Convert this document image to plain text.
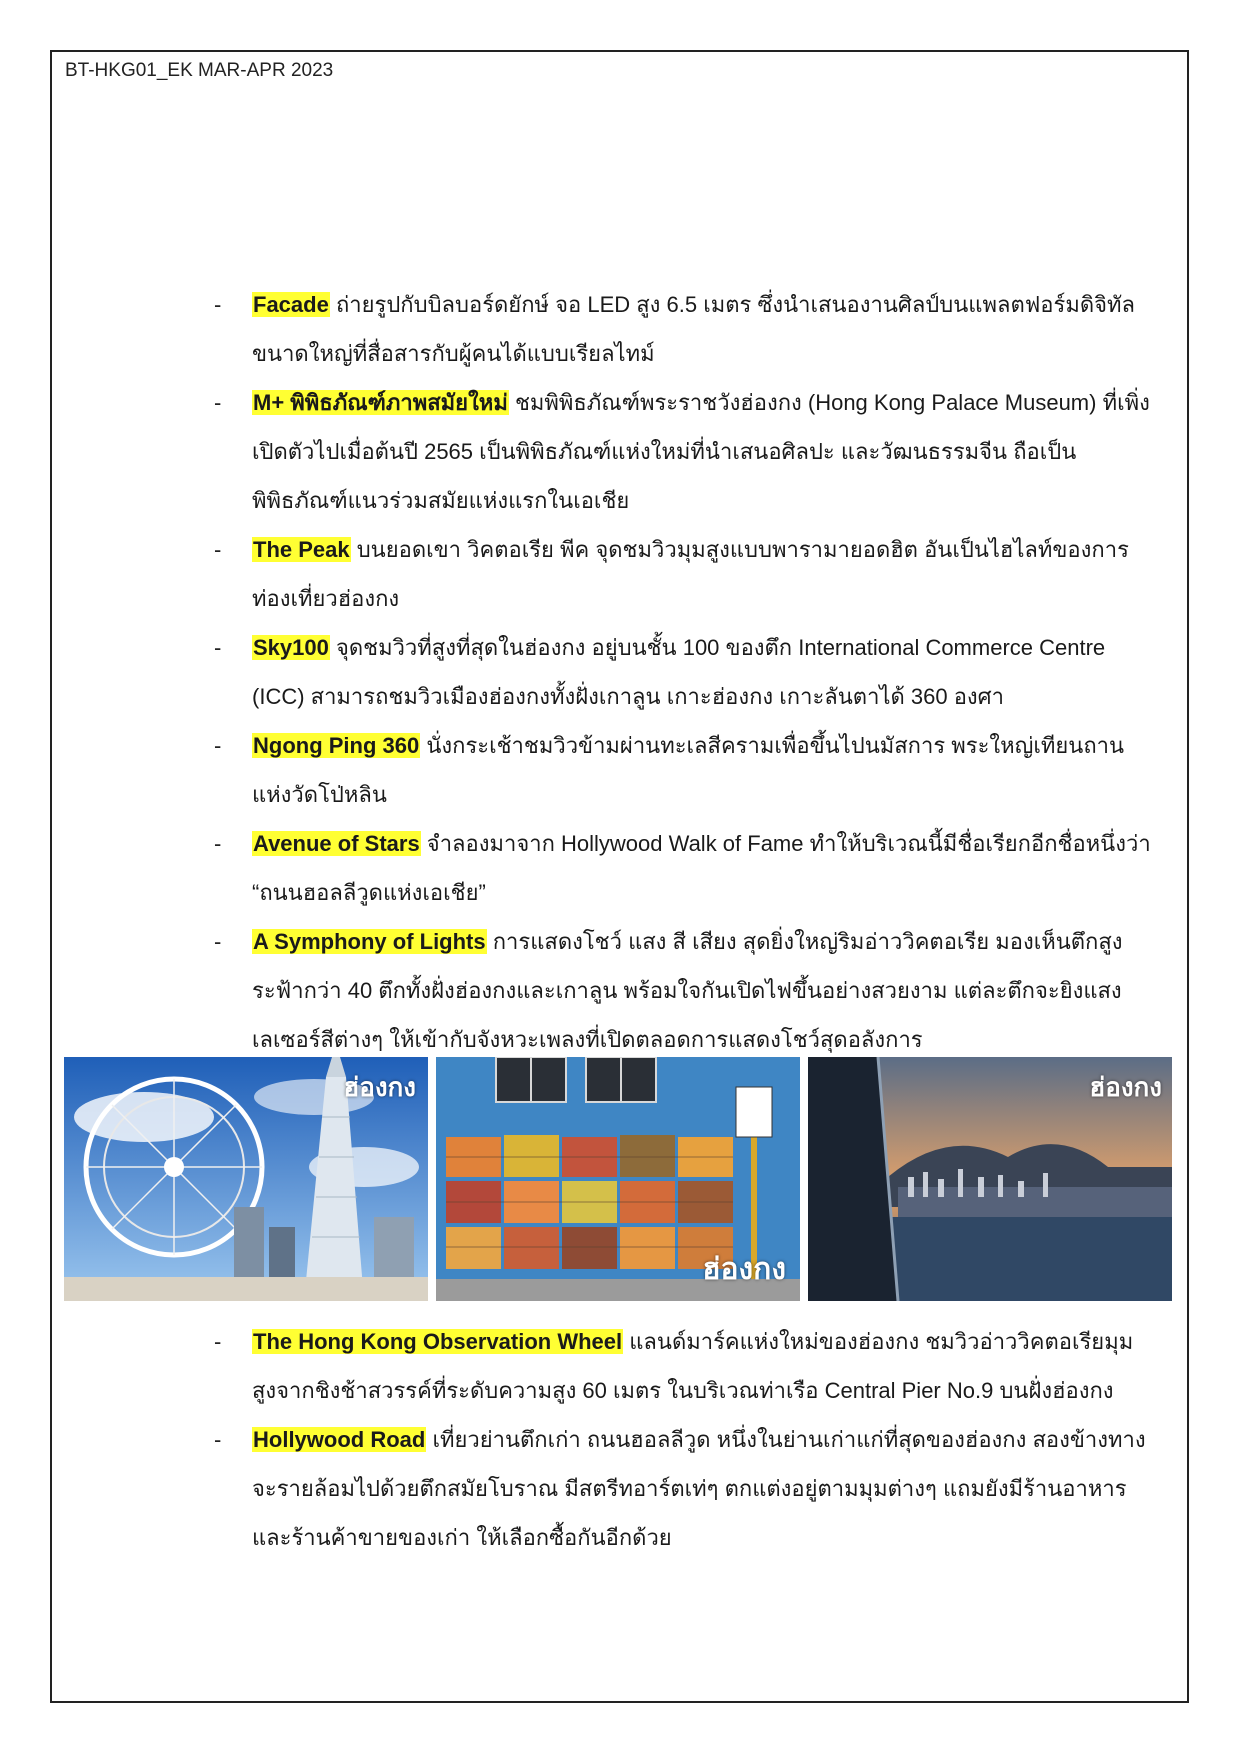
BT-HKG01_EK MAR-APR 2023
- Facade ถ่ายรูปกับบิลบอร์ดยักษ์ จอ LED สูง 6.5 เมตร ซึ่งนำเสนองานศิลป์บนแพลตฟอร์มดิจิทัลขนาดใหญ่ที่สื่อสารกับผู้คนได้แบบเรียลไทม์
- M+ พิพิธภัณฑ์ภาพสมัยใหม่ ชมพิพิธภัณฑ์พระราชวังฮ่องกง (Hong Kong Palace Museum) ที่เพิ่งเปิดตัวไปเมื่อต้นปี 2565 เป็นพิพิธภัณฑ์แห่งใหม่ที่นำเสนอศิลปะ และวัฒนธรรมจีน ถือเป็นพิพิธภัณฑ์แนวร่วมสมัยแห่งแรกในเอเชีย
- The Peak บนยอดเขา วิคตอเรีย พีค จุดชมวิวมุมสูงแบบพารามายอดฮิต อันเป็นไฮไลท์ของการท่องเที่ยวฮ่องกง
- Sky100 จุดชมวิวที่สูงที่สุดในฮ่องกง อยู่บนชั้น 100 ของตึก International Commerce Centre (ICC) สามารถชมวิวเมืองฮ่องกงทั้งฝั่งเกาลูน เกาะฮ่องกง เกาะลันตาได้ 360 องศา
- Ngong Ping 360 นั่งกระเช้าชมวิวข้ามผ่านทะเลสีครามเพื่อขึ้นไปนมัสการ พระใหญ่เทียนถานแห่งวัดโป่หลิน
- Avenue of Stars จำลองมาจาก Hollywood Walk of Fame ทำให้บริเวณนี้มีชื่อเรียกอีกชื่อหนึ่งว่า “ถนนฮอลลีวูดแห่งเอเชีย”
- A Symphony of Lights การแสดงโชว์ แสง สี เสียง สุดยิ่งใหญ่ริมอ่าววิคตอเรีย มองเห็นตึกสูงระฟ้ากว่า 40 ตึกทั้งฝั่งฮ่องกงและเกาลูน พร้อมใจกันเปิดไฟขึ้นอย่างสวยงาม แต่ละตึกจะยิงแสงเลเซอร์สีต่างๆ ให้เข้ากับจังหวะเพลงที่เปิดตลอดการแสดงโชว์สุดอลังการ
ฮ่องกง
ฮ่องกง
ฮ่องกง
- The Hong Kong Observation Wheel แลนด์มาร์คแห่งใหม่ของฮ่องกง ชมวิวอ่าววิคตอเรียมุมสูงจากชิงช้าสวรรค์ที่ระดับความสูง 60 เมตร ในบริเวณท่าเรือ Central Pier No.9 บนฝั่งฮ่องกง
- Hollywood Road เที่ยวย่านตึกเก่า ถนนฮอลลีวูด หนึ่งในย่านเก่าแก่ที่สุดของฮ่องกง สองข้างทางจะรายล้อมไปด้วยตึกสมัยโบราณ มีสตรีทอาร์ตเท่ๆ ตกแต่งอยู่ตามมุมต่างๆ แถมยังมีร้านอาหาร และร้านค้าขายของเก่า ให้เลือกซื้อกันอีกด้วย
